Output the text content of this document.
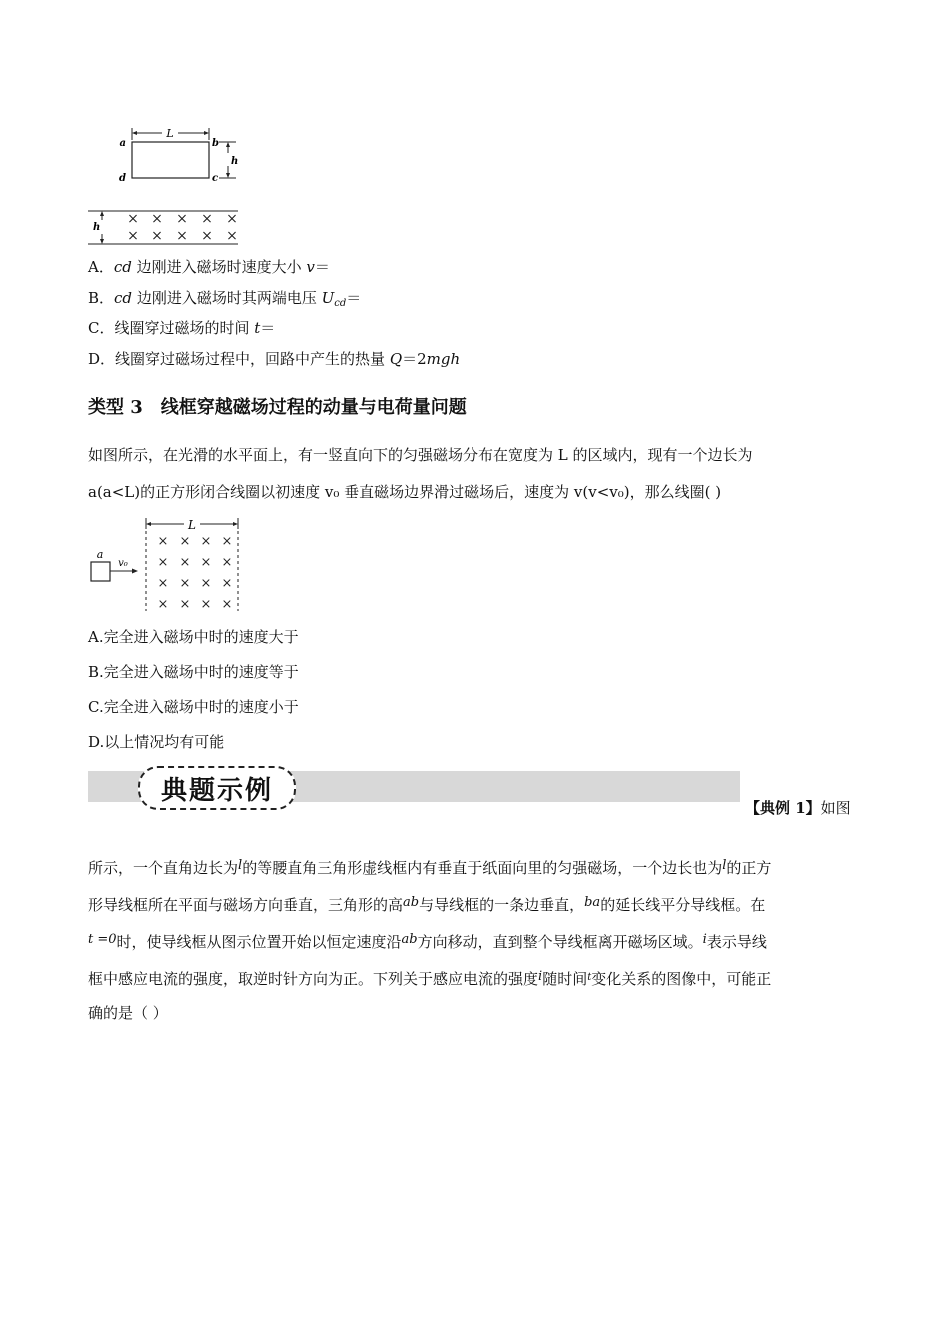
L
a	b
c
d
h
h
× × × × ×
× × × × ×
A．cd 边刚进入磁场时速度大小 v＝
B．cd 边刚进入磁场时其两端电压 $U_{cd}=$
C．线圈穿过磁场的时间 t＝
D．线圈穿过磁场过程中，回路中产生的热量 Q＝2mgh
类型 3 线框穿越磁场过程的动量与电荷量问题
如图所示，在光滑的水平面上，有一竖直向下的匀强磁场分布在宽度为 L 的区域内，现有一个边长为
a(a<L)的正方形闭合线圈以初速度 v₀ 垂直磁场边界滑过磁场后，速度为 v(v<v₀)，那么线圈( )
L
a
v₀
× × × ×
× × × ×
× × × ×
× × × ×
A.完全进入磁场中时的速度大于
B.完全进入磁场中时的速度等于
C.完全进入磁场中时的速度小于
D.以上情况均有可能
典题示例
【典例 1】如图
所示，一个直角边长为l的等腰直角三角形虚线框内有垂直于纸面向里的匀强磁场，一个边长也为l的正方
形导线框所在平面与磁场方向垂直，三角形的高ab与导线框的一条边垂直，ba的延长线平分导线框。在
t =0时，使导线框从图示位置开始以恒定速度沿ab方向移动，直到整个导线框离开磁场区域。i表示导线
框中感应电流的强度，取逆时针方向为正。下列关于感应电流的强度i随时间$^t$变化关系的图像中，可能正
确的是（ ）
